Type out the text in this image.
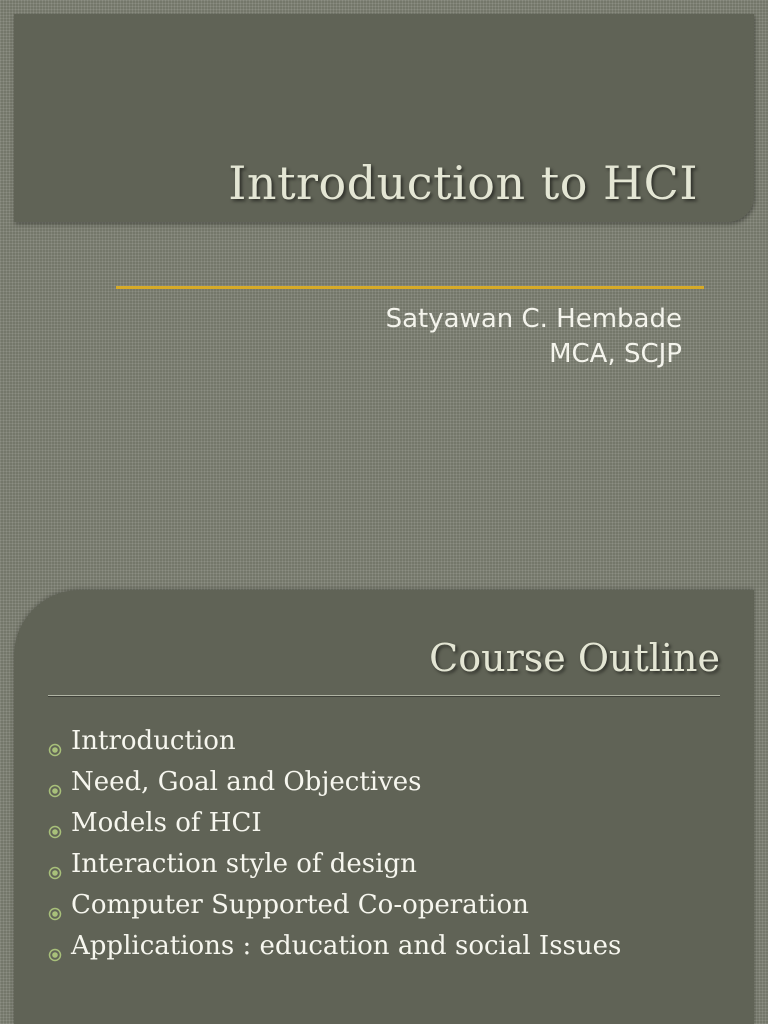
Introduction to HCI
Satyawan C. Hembade
MCA, SCJP
Course Outline
Introduction
Need, Goal and Objectives
Models of HCI
Interaction style of design
Computer Supported Co-operation
Applications : education and social Issues
